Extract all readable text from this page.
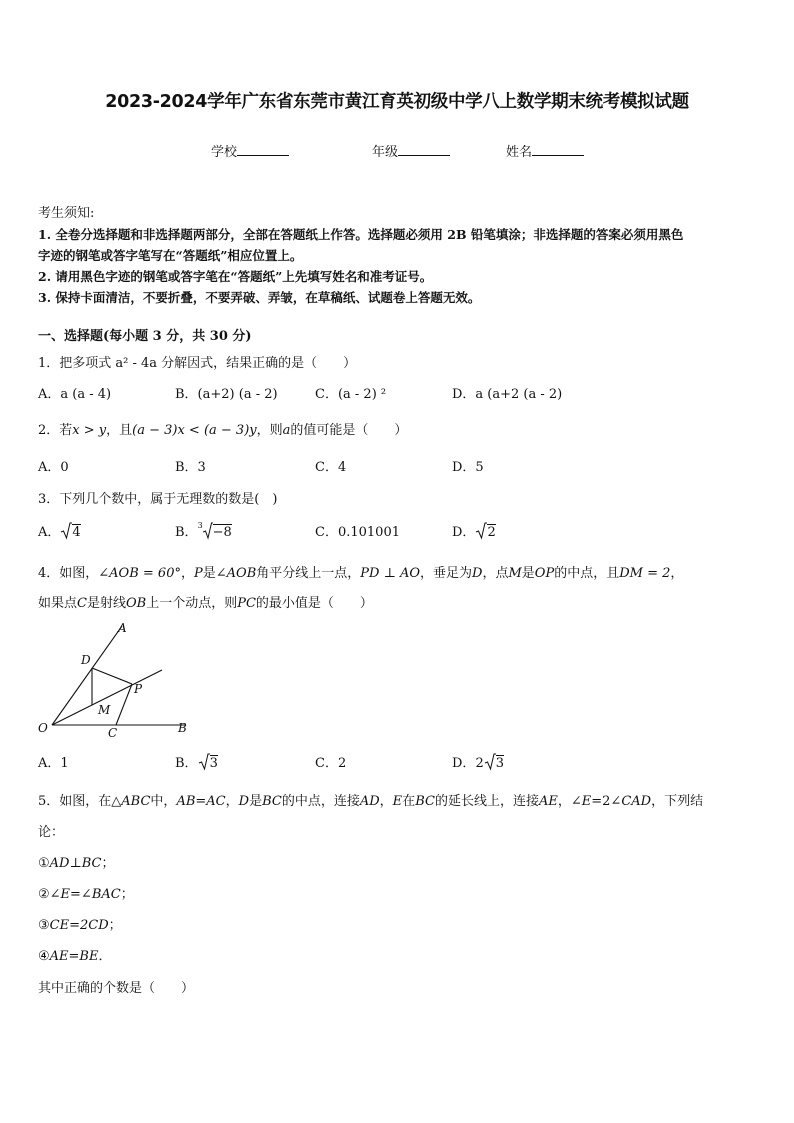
2023-2024学年广东省东莞市黄江育英初级中学八上数学期末统考模拟试题
学校	年级	姓名
考生须知:
1. 全卷分选择题和非选择题两部分，全部在答题纸上作答。选择题必须用 2B 铅笔填涂；非选择题的答案必须用黑色
字迹的钢笔或答字笔写在“答题纸”相应位置上。
2. 请用黑色字迹的钢笔或答字笔在“答题纸”上先填写姓名和准考证号。
3. 保持卡面清洁，不要折叠，不要弄破、弄皱，在草稿纸、试题卷上答题无效。
一、选择题(每小题 3 分，共 30 分)
1．把多项式 a² - 4a 分解因式，结果正确的是（　　）
A．a (a - 4)	B．(a+2) (a - 2)	C．(a - 2) ²	D．a (a+2 (a - 2)
2．若x > y，且(a − 3)x < (a − 3)y，则a的值可能是（　　）
A．0	B．3	C．4	D．5
3．下列几个数中，属于无理数的数是(　)
A． 4	B．$^3$ −8	C．0.101001	D． 2
4．如图，∠AOB = 60°，P是∠AOB角平分线上一点，PD ⊥ AO，垂足为D，点M是OP的中点，且DM = 2，
如果点C是射线OB上一个动点，则PC的最小值是（　　）
A
D
P
M
O	C	B
A．1	B． 3	C．2	D．2 3
5．如图，在△ABC中，AB=AC，D是BC的中点，连接AD，E在BC的延长线上，连接AE，∠E=2∠CAD，下列结
论：
①AD⊥BC；
②∠E=∠BAC；
③CE=2CD；
④AE=BE．
其中正确的个数是（　　）
